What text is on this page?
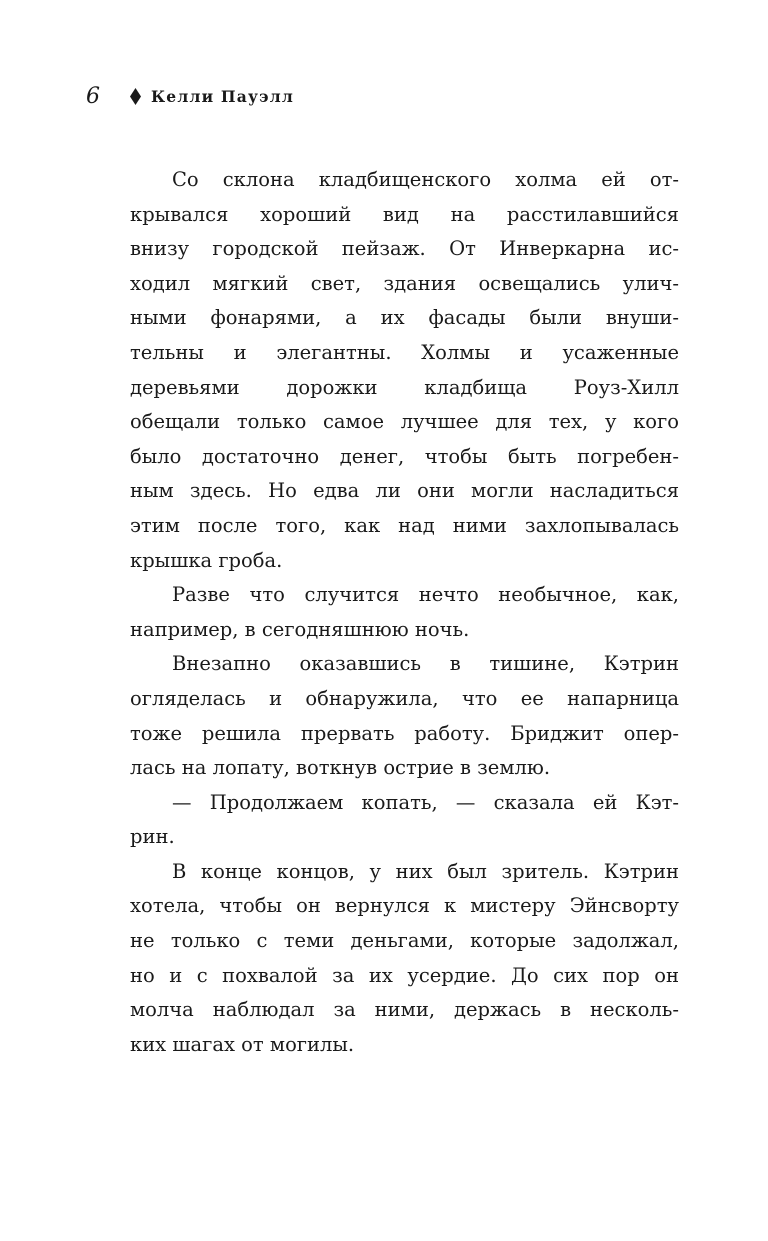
6	Келли Пауэлл
Со склона кладбищенского холма ей от-
крывался хороший вид на расстилавшийся
внизу городской пейзаж. От Инверкарна ис-
ходил мягкий свет, здания освещались улич-
ными фонарями, а их фасады были внуши-
тельны и элегантны. Холмы и усаженные
деревьями дорожки кладбища Роуз-Хилл
обещали только самое лучшее для тех, у кого
было достаточно денег, чтобы быть погребен-
ным здесь. Но едва ли они могли насладиться
этим после того, как над ними захлопывалась
крышка гроба.
Разве что случится нечто необычное, как,
например, в сегодняшнюю ночь.
Внезапно оказавшись в тишине, Кэтрин
огляделась и обнаружила, что ее напарница
тоже решила прервать работу. Бриджит опер-
лась на лопату, воткнув острие в землю.
— Продолжаем копать, — сказала ей Кэт-
рин.
В конце концов, у них был зритель. Кэтрин
хотела, чтобы он вернулся к мистеру Эйнсворту
не только с теми деньгами, которые задолжал,
но и с похвалой за их усердие. До сих пор он
молча наблюдал за ними, держась в несколь-
ких шагах от могилы.
